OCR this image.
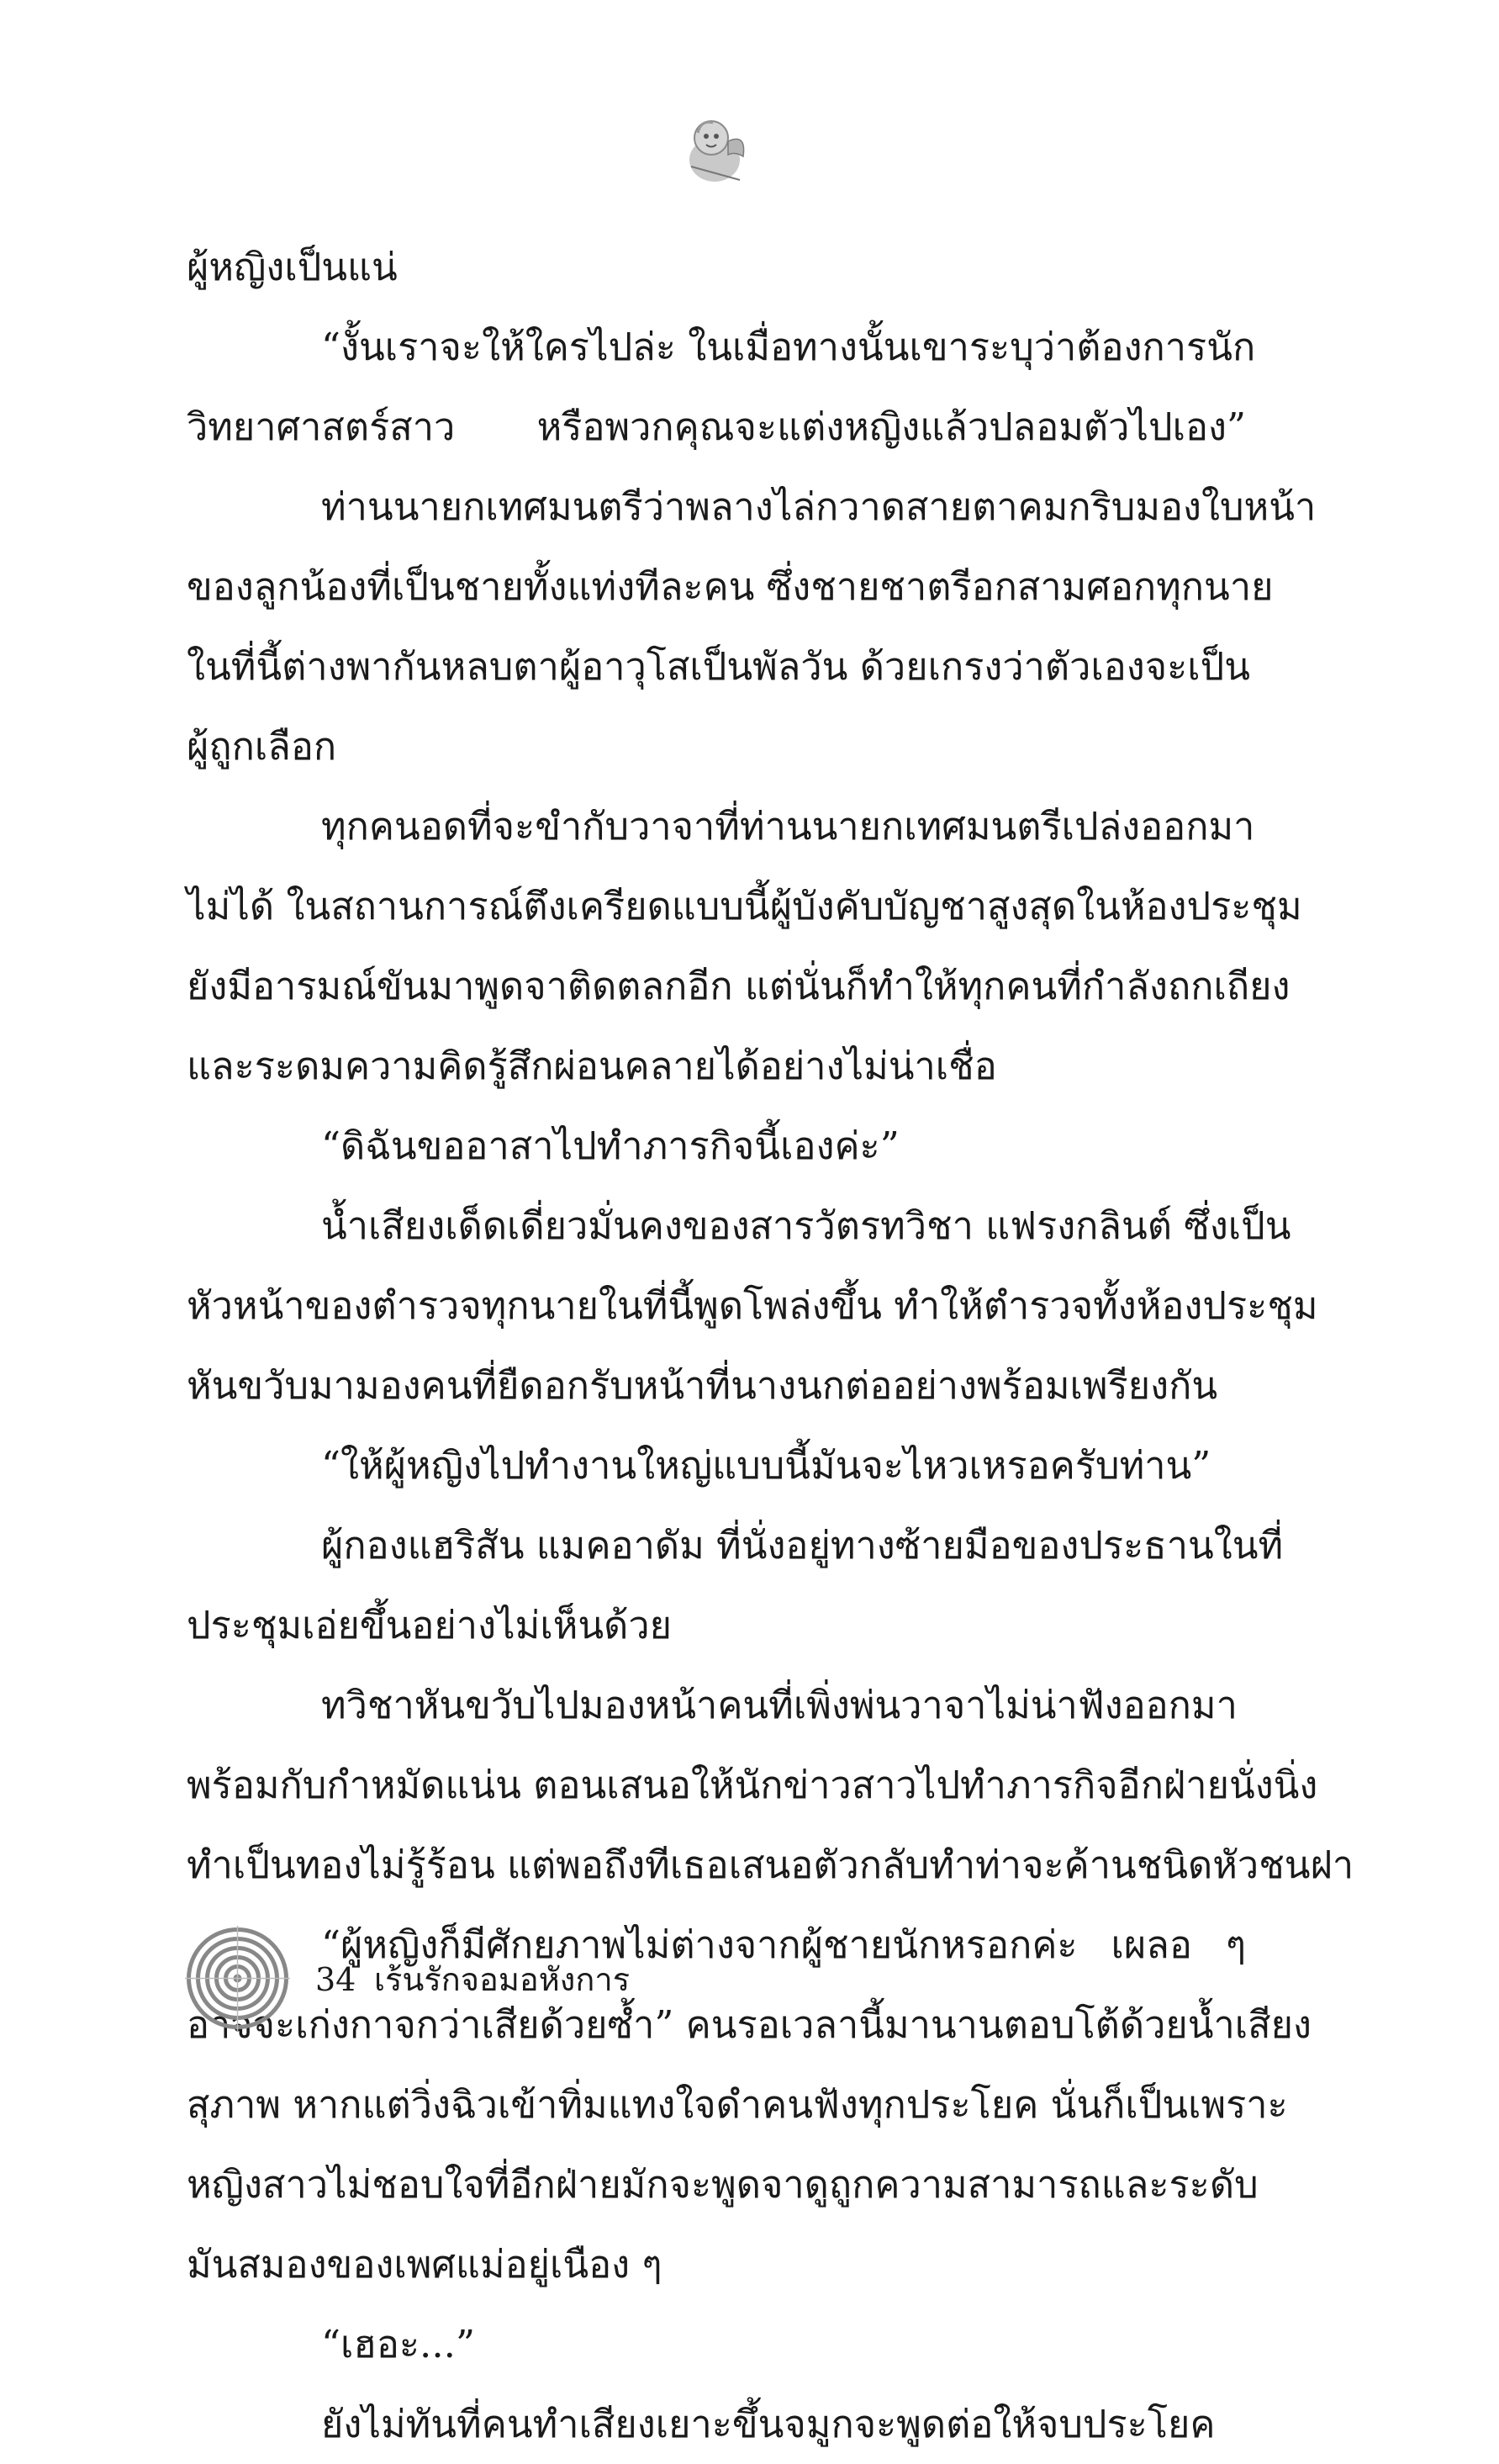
ผู้หญิงเป็นแน่
“งั้นเราจะให้ใครไปล่ะ ในเมื่อทางนั้นเขาระบุว่าต้องการนัก
วิทยาศาสตร์สาว หรือพวกคุณจะแต่งหญิงแล้วปลอมตัวไปเอง”
ท่านนายกเทศมนตรีว่าพลางไล่กวาดสายตาคมกริบมองใบหน้า
ของลูกน้องที่เป็นชายทั้งแท่งทีละคน ซึ่งชายชาตรีอกสามศอกทุกนาย
ในที่นี้ต่างพากันหลบตาผู้อาวุโสเป็นพัลวัน ด้วยเกรงว่าตัวเองจะเป็น
ผู้ถูกเลือก
ทุกคนอดที่จะขำกับวาจาที่ท่านนายกเทศมนตรีเปล่งออกมา
ไม่ได้ ในสถานการณ์ตึงเครียดแบบนี้ผู้บังคับบัญชาสูงสุดในห้องประชุม
ยังมีอารมณ์ขันมาพูดจาติดตลกอีก แต่นั่นก็ทำให้ทุกคนที่กำลังถกเถียง
และระดมความคิดรู้สึกผ่อนคลายได้อย่างไม่น่าเชื่อ
“ดิฉันขออาสาไปทำภารกิจนี้เองค่ะ”
น้ำเสียงเด็ดเดี่ยวมั่นคงของสารวัตรทวิชา แฟรงกลินต์ ซึ่งเป็น
หัวหน้าของตำรวจทุกนายในที่นี้พูดโพล่งขึ้น ทำให้ตำรวจทั้งห้องประชุม
หันขวับมามองคนที่ยืดอกรับหน้าที่นางนกต่ออย่างพร้อมเพรียงกัน
“ให้ผู้หญิงไปทำงานใหญ่แบบนี้มันจะไหวเหรอครับท่าน”
ผู้กองแฮริสัน แมคอาดัม ที่นั่งอยู่ทางซ้ายมือของประธานในที่
ประชุมเอ่ยขึ้นอย่างไม่เห็นด้วย
ทวิชาหันขวับไปมองหน้าคนที่เพิ่งพ่นวาจาไม่น่าฟังออกมา
พร้อมกับกำหมัดแน่น ตอนเสนอให้นักข่าวสาวไปทำภารกิจอีกฝ่ายนั่งนิ่ง
ทำเป็นทองไม่รู้ร้อน แต่พอถึงทีเธอเสนอตัวกลับทำท่าจะค้านชนิดหัวชนฝา
“ผู้หญิงก็มีศักยภาพไม่ต่างจากผู้ชายนักหรอกค่ะ เผลอ ๆ
อาจจะเก่งกาจกว่าเสียด้วยซ้ำ” คนรอเวลานี้มานานตอบโต้ด้วยน้ำเสียง
สุภาพ หากแต่วิ่งฉิวเข้าทิ่มแทงใจดำคนฟังทุกประโยค นั่นก็เป็นเพราะ
หญิงสาวไม่ชอบใจที่อีกฝ่ายมักจะพูดจาดูถูกความสามารถและระดับ
มันสมองของเพศแม่อยู่เนือง ๆ
“เฮอะ...”
ยังไม่ทันที่คนทำเสียงเยาะขึ้นจมูกจะพูดต่อให้จบประโยค
34 เร้นรักจอมอหังการ
